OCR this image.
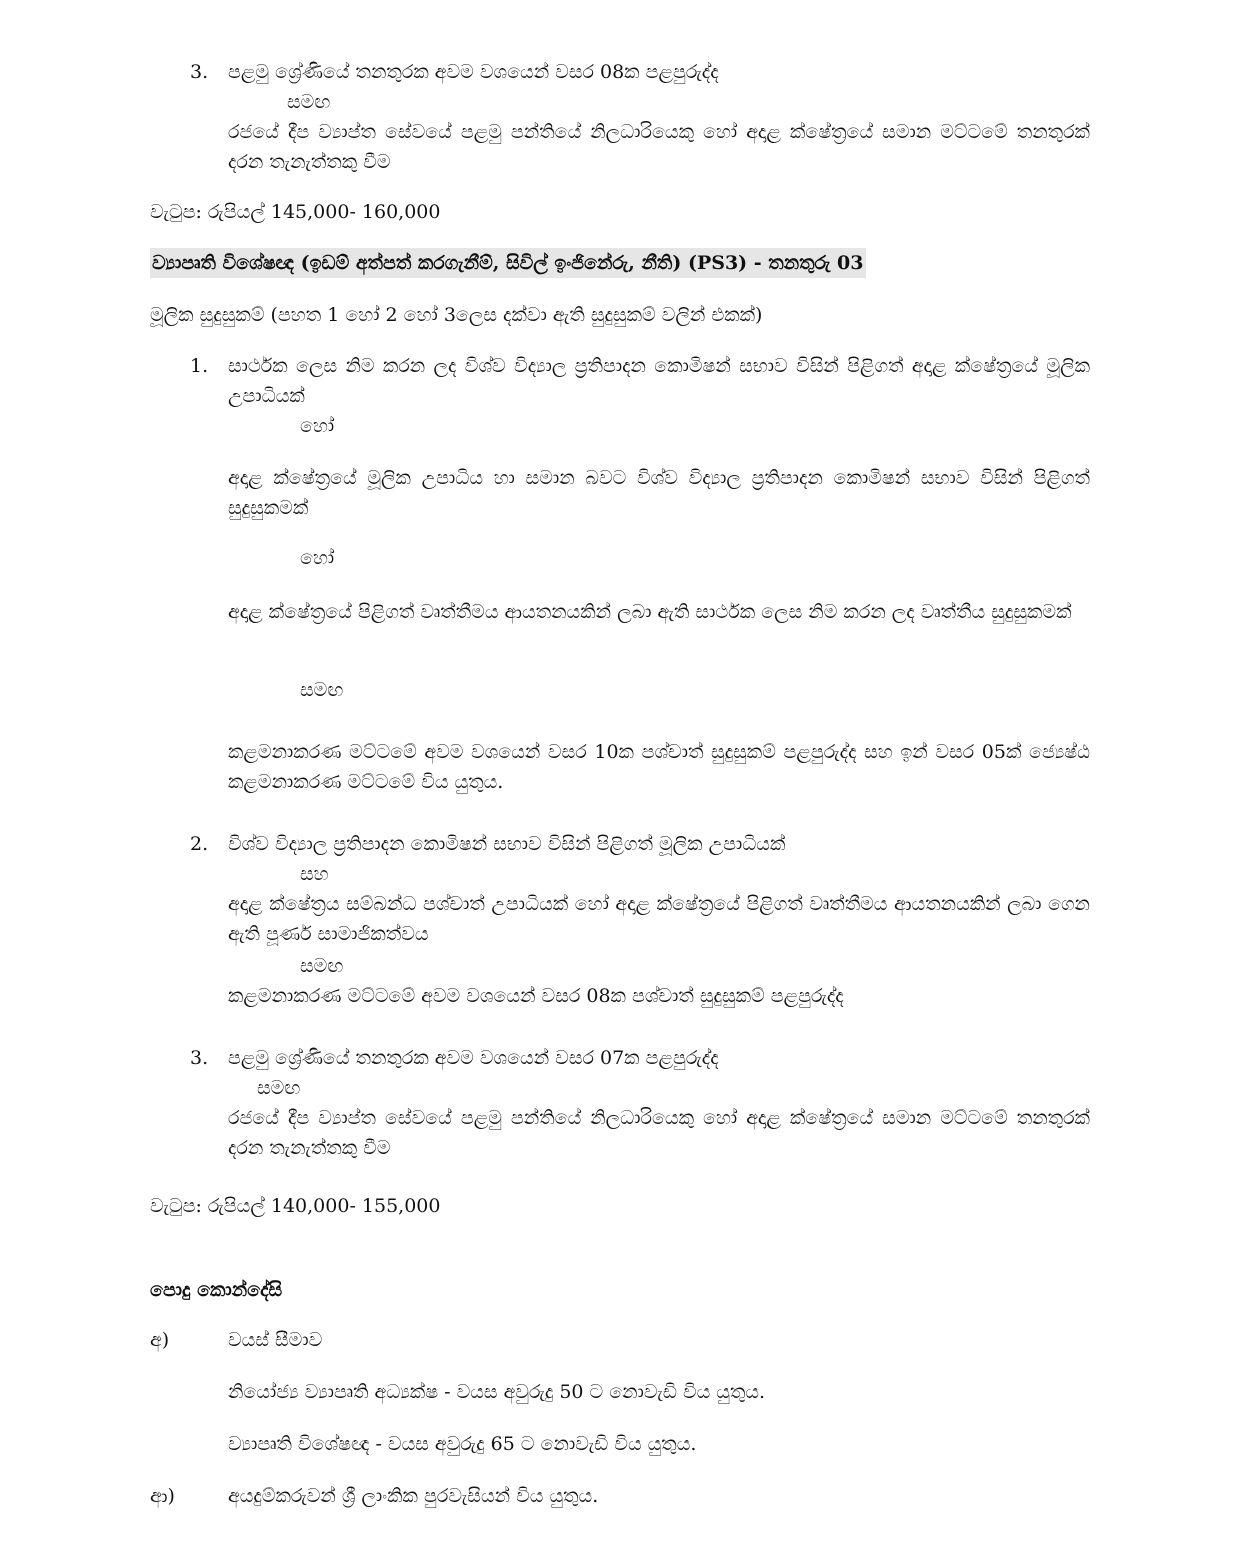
3. පළමු ශ්‍රේණියේ තනතුරක අවම වශයෙන් වසර 08ක පළපුරුද්ද
සමඟ
රජයේ දීප ව්‍යාප්ත සේවයේ පළමු පන්තියේ නිලධාරියෙකු හෝ අදාළ ක්ෂේත්‍රයේ සමාන මට්ටමේ තනතුරක් දරන තැනැත්තකු වීම
වැටුප: රුපියල් 145,000- 160,000
ව්‍යාපෘති විශේෂඥ (ඉඩම් අත්පත් කරගැනීම්, සිවිල් ඉංජිනේරු, නීති) (PS3) - තනතුරු 03
මූලික සුදුසුකම් (පහත 1 හෝ 2 හෝ 3ලෙස දක්වා ඇති සුදුසුකම් වලින් එකක්)
1. සාර්ථක ලෙස නිම කරන ලද විශ්ව විද්‍යාල ප්‍රතිපාදන කොමිෂන් සභාව විසින් පිළිගත් අදාළ ක්ෂේත්‍රයේ මූලික උපාධියක්
හෝ
අදාළ ක්ෂේත්‍රයේ මූලික උපාධිය හා සමාන බවට විශ්ව විද්‍යාල ප්‍රතිපාදන කොමිෂන් සභාව විසින් පිළිගත් සුදුසුකමක්
හෝ
අදාළ ක්ෂේත්‍රයේ පිළිගත් වෘත්තීමය ආයතනයකින් ලබා ඇති සාර්ථක ලෙස නිම කරන ලද වෘත්තීය සුදුසුකමක්
සමඟ
කළමනාකරණ මට්ටමේ අවම වශයෙන් වසර 10ක පශ්චාත් සුදුසුකම් පළපුරුද්ද සහ ඉන් වසර 05ක් ජ්‍යෙෂ්ඨ කළමනාකරණ මට්ටමේ විය යුතුය.
2. විශ්ව විද්‍යාල ප්‍රතිපාදන කොමිෂන් සභාව විසින් පිළිගත් මූලික උපාධියක්
සහ
අදාළ ක්ෂේත්‍රය සම්බන්ධ පශ්චාත් උපාධියක් හෝ අදාළ ක්ෂේත්‍රයේ පිළිගත් වෘත්තීමය ආයතනයකින් ලබා ගෙන ඇති පූර්ණ සාමාජිකත්වය
සමඟ
කළමනාකරණ මට්ටමේ අවම වශයෙන් වසර 08ක පශ්චාත් සුදුසුකම් පළපුරුද්ද
3. පළමු ශ්‍රේණියේ තනතුරක අවම වශයෙන් වසර 07ක පළපුරුද්ද
සමඟ
රජයේ දීප ව්‍යාප්ත සේවයේ පළමු පන්තියේ නිලධාරියෙකු හෝ අදාළ ක්ෂේත්‍රයේ සමාන මට්ටමේ තනතුරක් දරන තැනැත්තකු වීම
වැටුප: රුපියල් 140,000- 155,000
පොදු කොන්දේසි
අ)	වයස් සීමාව
නියෝජ්‍ය ව්‍යාපෘති අධ්‍යක්ෂ - වයස අවුරුදු 50 ට නොවැඩි විය යුතුය.
ව්‍යාපෘති විශේෂඥ - වයස අවුරුදු 65 ට නොවැඩි විය යුතුය.
ආ)	අයදුම්කරුවන් ශ්‍රී ලාංකික පුරවැසියන් විය යුතුය.
